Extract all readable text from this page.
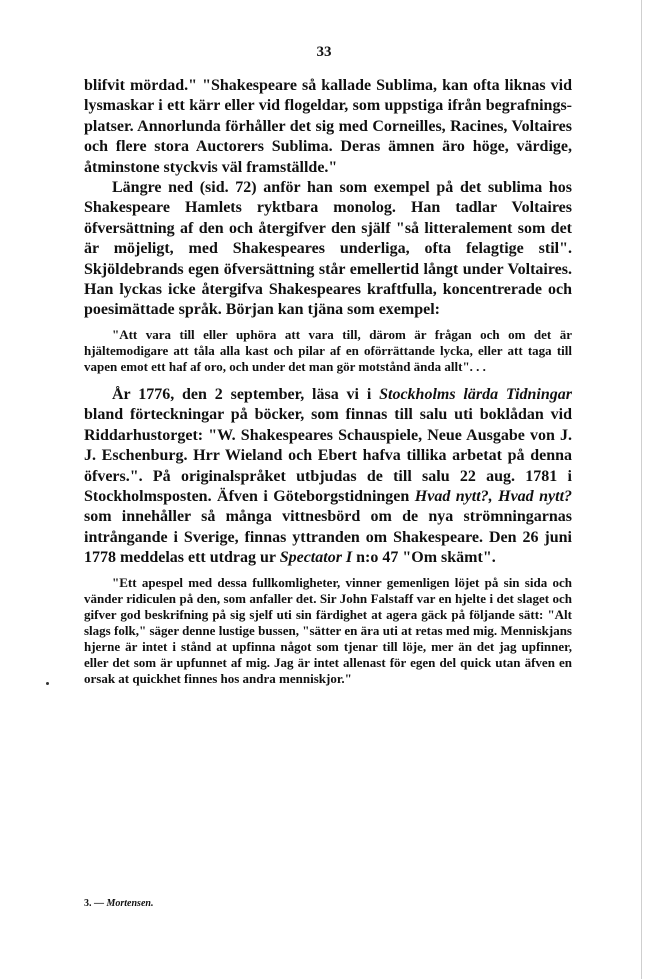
33

blifvit mördad." "Shakespeare så kallade Sublima, kan ofta liknas vid lysmaskar i ett kärr eller vid flogeldar, som uppstiga ifrån begrafnings-platser. Annorlunda förhåller det sig med Corneilles, Racines, Voltaires och flere stora Auctorers Sublima. Deras ämnen äro höge, värdige, åtminstone styckvis väl framställde."

Längre ned (sid. 72) anför han som exempel på det sublima hos Shakespeare Hamlets ryktbara monolog. Han tadlar Voltaires öfversättning af den och återgifver den själf "så litteralement som det är möjeligt, med Shakespeares underliga, ofta felagtige stil". Skjöldebrands egen öfversättning står emellertid långt under Voltaires. Han lyckas icke återgifva Shakespeares kraftfulla, koncentrerade och poesimättade språk. Början kan tjäna som exempel:

"Att vara till eller uphöra att vara till, därom är frågan och om det är hjältemodigare att tåla alla kast och pilar af en oförrättande lycka, eller att taga till vapen emot ett haf af oro, och under det man gör motstånd ända allt". . .

År 1776, den 2 september, läsa vi i Stockholms lärda Tidningar bland förteckningar på böcker, som finnas till salu uti boklådan vid Riddarhustorget: "W. Shakespeares Schauspiele, Neue Ausgabe von J. J. Eschenburg. Hrr Wieland och Ebert hafva tillika arbetat på denna öfvers.". På originalspråket utbjudas de till salu 22 aug. 1781 i Stockholmsposten. Äfven i Göteborgstidningen Hvad nytt?, Hvad nytt? som innehåller så många vittnesbörd om de nya strömningarnas intrångande i Sverige, finnas yttranden om Shakespeare. Den 26 juni 1778 meddelas ett utdrag ur Spectator I n:o 47 "Om skämt".

"Ett apespel med dessa fullkomligheter, vinner gemenligen löjet på sin sida och vänder ridiculen på den, som anfaller det. Sir John Falstaff var en hjelte i det slaget och gifver god beskrifning på sig sjelf uti sin färdighet at agera gäck på följande sätt: "Alt slags folk," säger denne lustige bussen, "sätter en ära uti at retas med mig. Menniskjans hjerne är intet i stånd at upfinna något som tjenar till löje, mer än det jag upfinner, eller det som är upfunnet af mig. Jag är intet allenast för egen del quick utan äfven en orsak at quickhet finnes hos andra menniskjor."

3. — Mortensen.
